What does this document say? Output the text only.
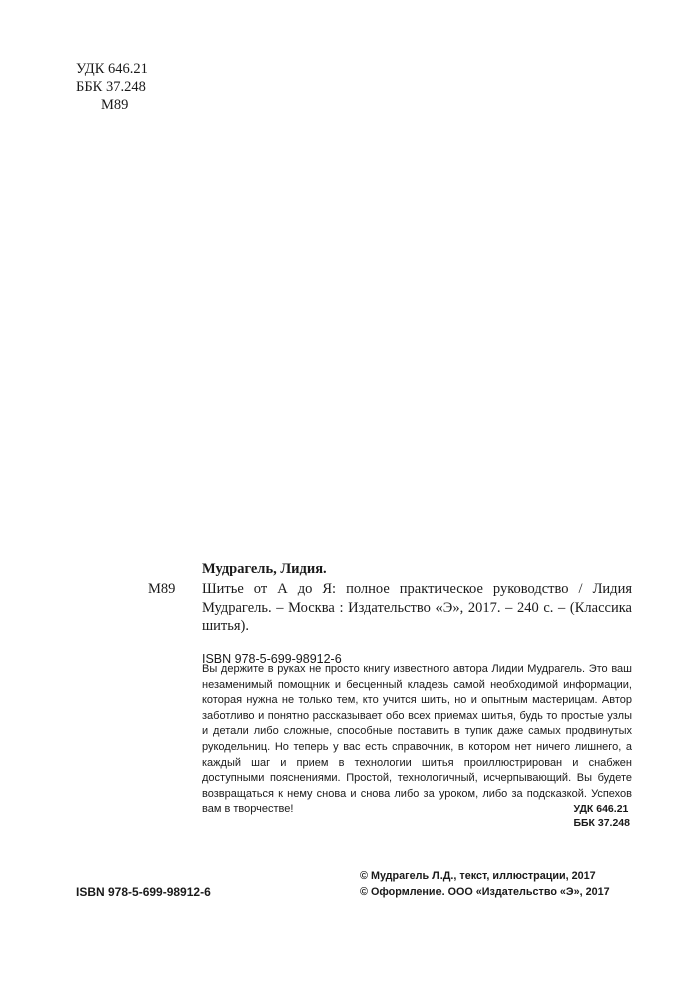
УДК 646.21
ББК 37.248
М89
М89
Мудрагель, Лидия.
Шитье от А до Я: полное практическое руководство / Лидия Мудрагель. – Москва : Издательство «Э», 2017. – 240 с. – (Классика шитья).
ISBN 978-5-699-98912-6
Вы держите в руках не просто книгу известного автора Лидии Мудрагель. Это ваш незаменимый помощник и бесценный кладезь самой необходимой информации, которая нужна не только тем, кто учится шить, но и опытным мастерицам. Автор заботливо и понятно рассказывает обо всех приемах шитья, будь то простые узлы и детали либо сложные, способные поставить в тупик даже самых продвинутых рукодельниц. Но теперь у вас есть справочник, в котором нет ничего лишнего, а каждый шаг и прием в технологии шитья проиллюстрирован и снабжен доступными пояснениями. Простой, технологичный, исчерпывающий. Вы будете возвращаться к нему снова и снова либо за уроком, либо за подсказкой. Успехов вам в творчестве!	УДК 646.21
ББК 37.248
ISBN 978-5-699-98912-6
© Мудрагель Л.Д., текст, иллюстрации, 2017
© Оформление. ООО «Издательство «Э», 2017
